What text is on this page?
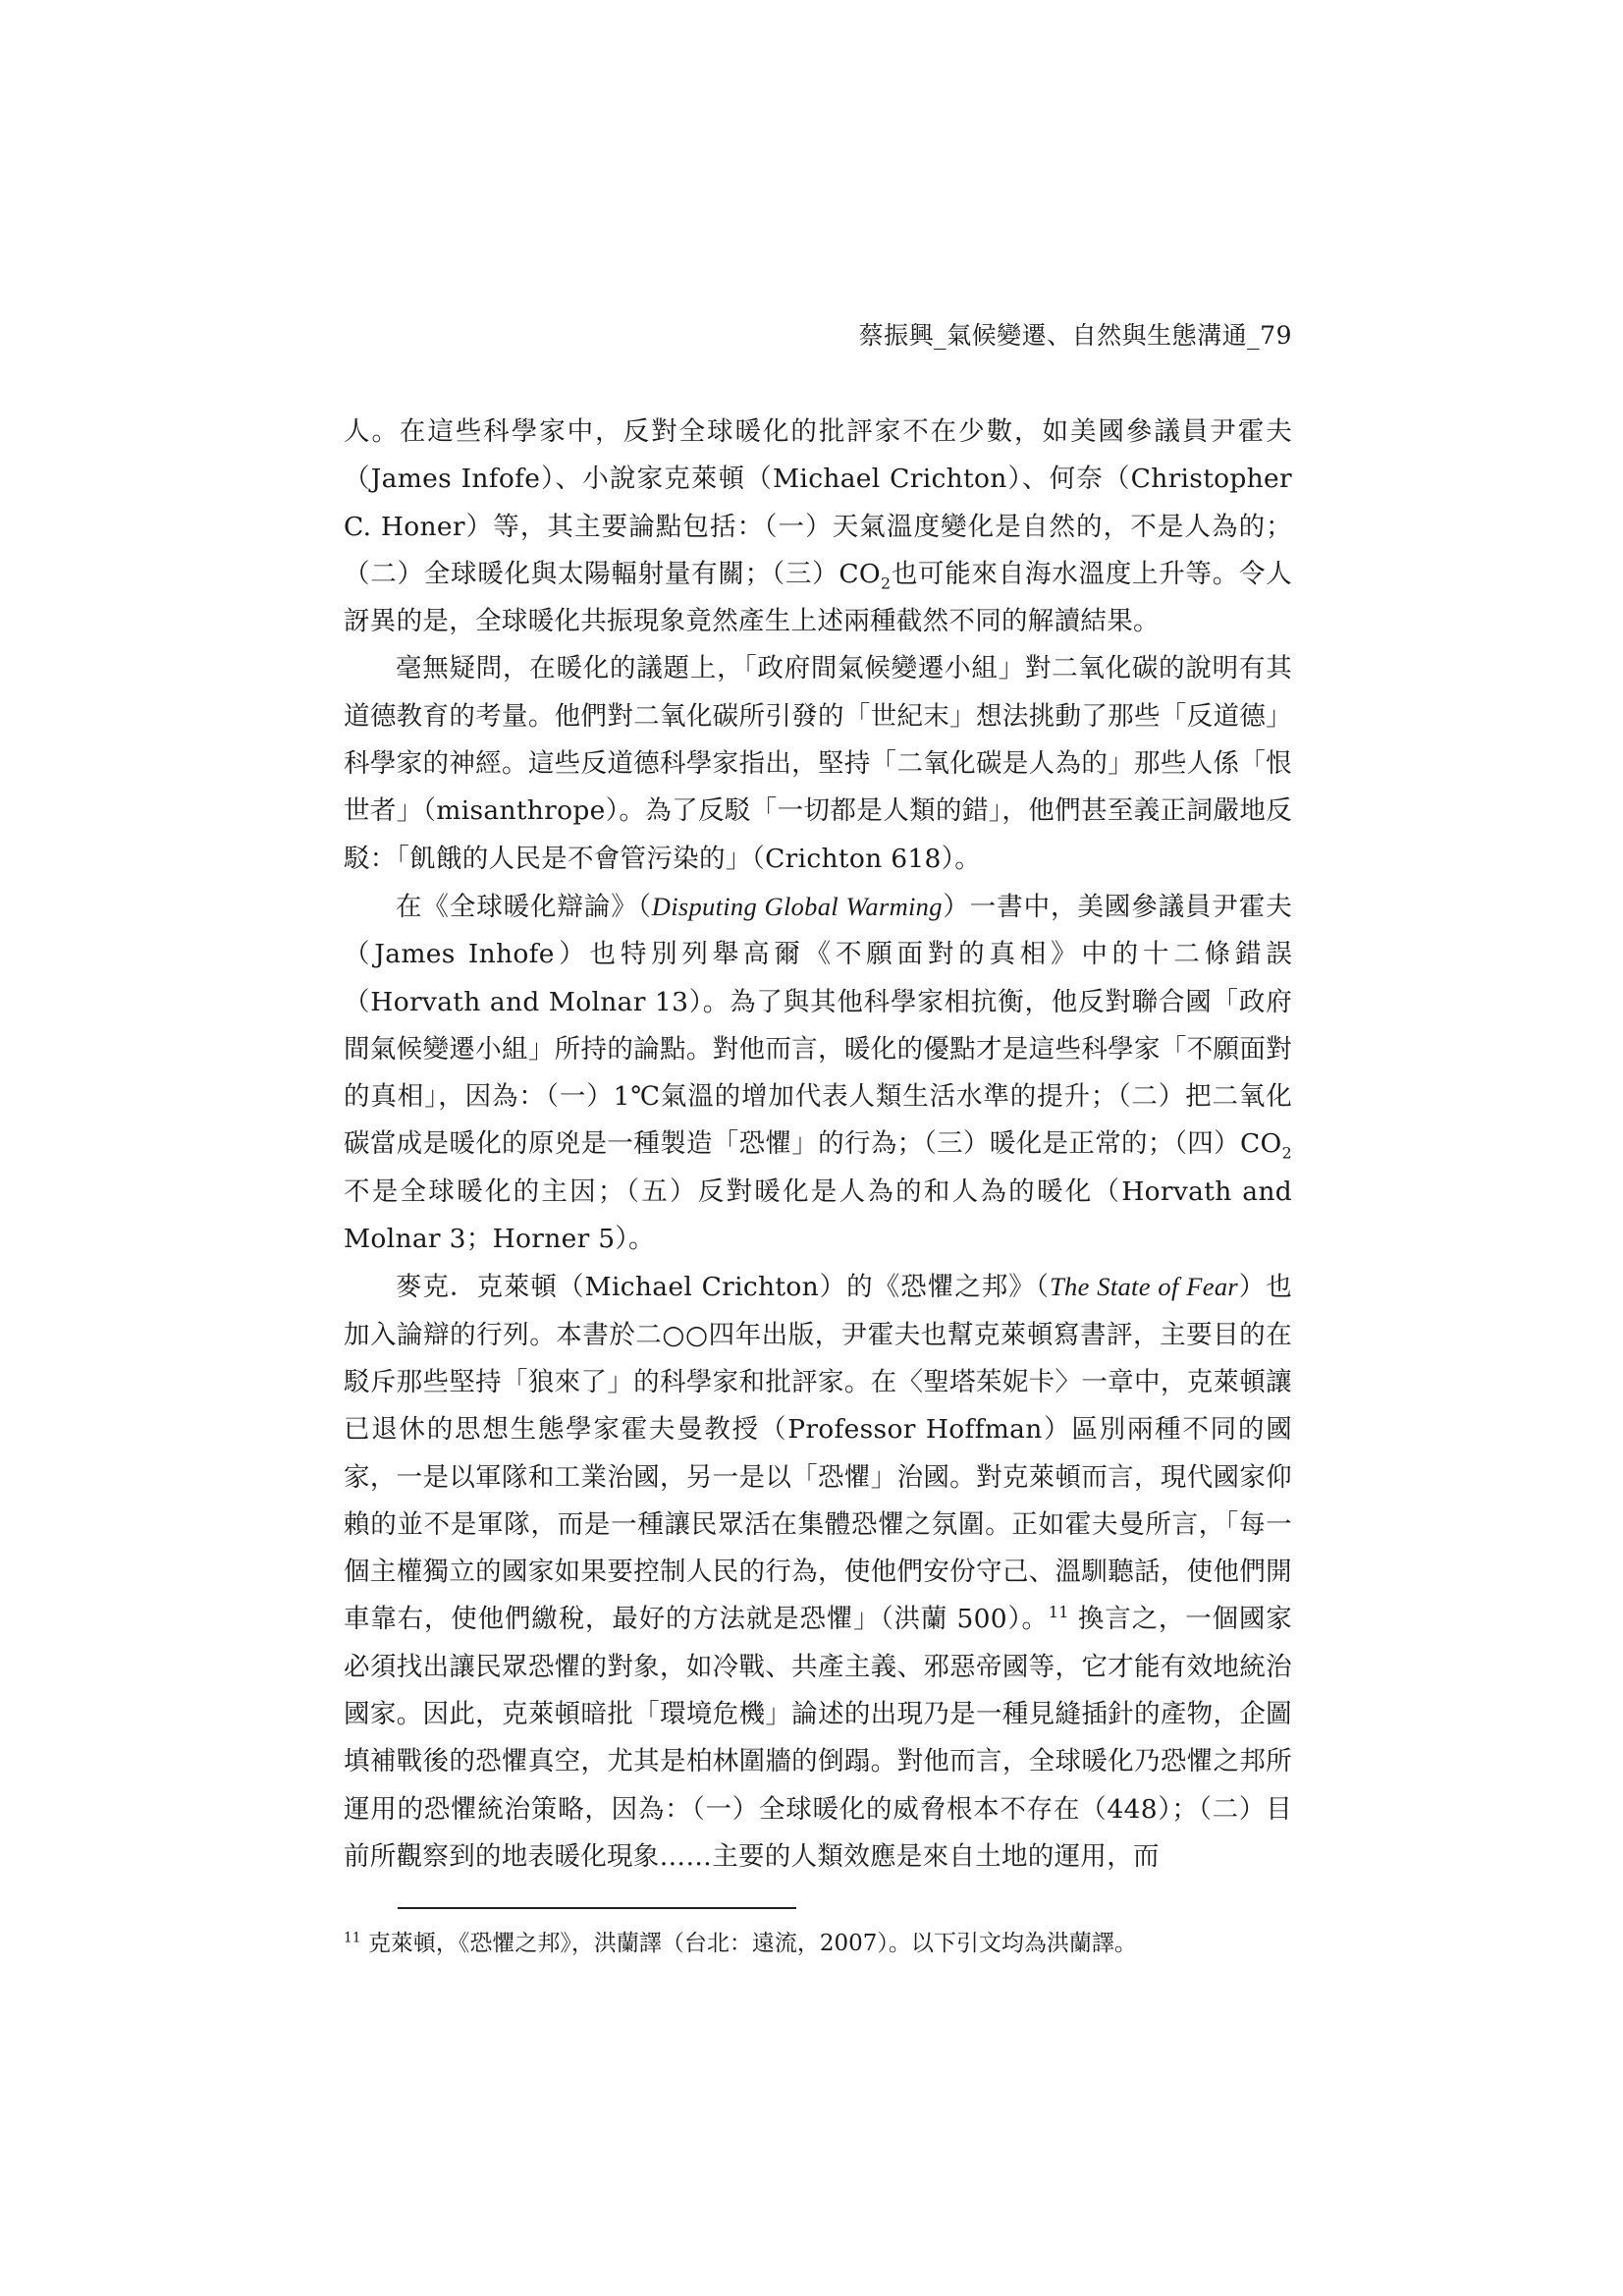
蔡振興_氣候變遷、自然與生態溝通_79

人。在這些科學家中，反對全球暖化的批評家不在少數，如美國參議員尹霍夫（James Infofe）、小說家克萊頓（Michael Crichton）、何奈（Christopher C. Honer）等，其主要論點包括：（一）天氣溫度變化是自然的，不是人為的；（二）全球暖化與太陽輻射量有關；（三）$CO_2$也可能來自海水溫度上升等。令人訝異的是，全球暖化共振現象竟然產生上述兩種截然不同的解讀結果。

毫無疑問，在暖化的議題上，「政府間氣候變遷小組」對二氧化碳的說明有其道德教育的考量。他們對二氧化碳所引發的「世紀末」想法挑動了那些「反道德」科學家的神經。這些反道德科學家指出，堅持「二氧化碳是人為的」那些人係「恨世者」（misanthrope）。為了反駁「一切都是人類的錯」，他們甚至義正詞嚴地反駁：「飢餓的人民是不會管污染的」（Crichton 618）。

在《全球暖化辯論》（Disputing Global Warming）一書中，美國參議員尹霍夫（James Inhofe）也特別列舉高爾《不願面對的真相》中的十二條錯誤（Horvath and Molnar 13）。為了與其他科學家相抗衡，他反對聯合國「政府間氣候變遷小組」所持的論點。對他而言，暖化的優點才是這些科學家「不願面對的真相」，因為：（一）1℃氣溫的增加代表人類生活水準的提升；（二）把二氧化碳當成是暖化的原兇是一種製造「恐懼」的行為；（三）暖化是正常的；（四）$CO_2$ 不是全球暖化的主因；（五）反對暖化是人為的和人為的暖化（Horvath and Molnar 3；Horner 5）。

麥克．克萊頓（Michael Crichton）的《恐懼之邦》（The State of Fear）也加入論辯的行列。本書於二○○四年出版，尹霍夫也幫克萊頓寫書評，主要目的在駁斥那些堅持「狼來了」的科學家和批評家。在〈聖塔茱妮卡〉一章中，克萊頓讓已退休的思想生態學家霍夫曼教授（Professor Hoffman）區別兩種不同的國家，一是以軍隊和工業治國，另一是以「恐懼」治國。對克萊頓而言，現代國家仰賴的並不是軍隊，而是一種讓民眾活在集體恐懼之氛圍。正如霍夫曼所言，「每一個主權獨立的國家如果要控制人民的行為，使他們安份守己、溫馴聽話，使他們開車靠右，使他們繳稅，最好的方法就是恐懼」（洪蘭 500）。$^{11}$ 換言之，一個國家必須找出讓民眾恐懼的對象，如冷戰、共產主義、邪惡帝國等，它才能有效地統治國家。因此，克萊頓暗批「環境危機」論述的出現乃是一種見縫插針的產物，企圖填補戰後的恐懼真空，尤其是柏林圍牆的倒蹋。對他而言，全球暖化乃恐懼之邦所運用的恐懼統治策略，因為：（一）全球暖化的威脅根本不存在（448）；（二）目前所觀察到的地表暖化現象……主要的人類效應是來自土地的運用，而

$^{11}$ 克萊頓，《恐懼之邦》，洪蘭譯（台北：遠流，2007）。以下引文均為洪蘭譯。
